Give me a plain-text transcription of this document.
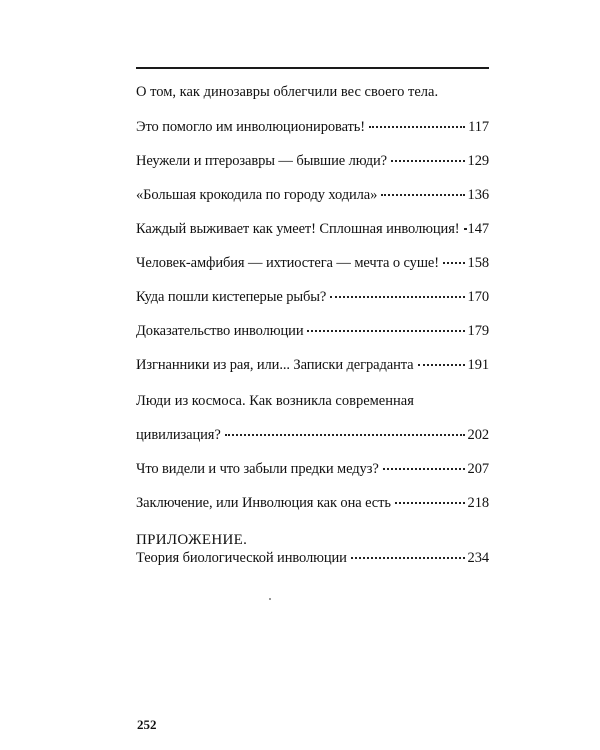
О том, как динозавры облегчили вес своего тела.
Это помогло им инволюционировать!	117
Неужели и птерозавры — бывшие люди?	129
«Большая крокодила по городу ходила»	136
Каждый выживает как умеет! Сплошная инволюция! 147
Человек-амфибия — ихтиостега — мечта о суше! 158
Куда пошли кистеперые рыбы?	170
Доказательство инволюции	179
Изгнанники из рая, или... Записки деграданта	191
Люди из космоса. Как возникла современная
цивилизация?	202
Что видели и что забыли предки медуз?	207
Заключение, или Инволюция как она есть	218
ПРИЛОЖЕНИЕ.
Теория биологической инволюции	234
252
